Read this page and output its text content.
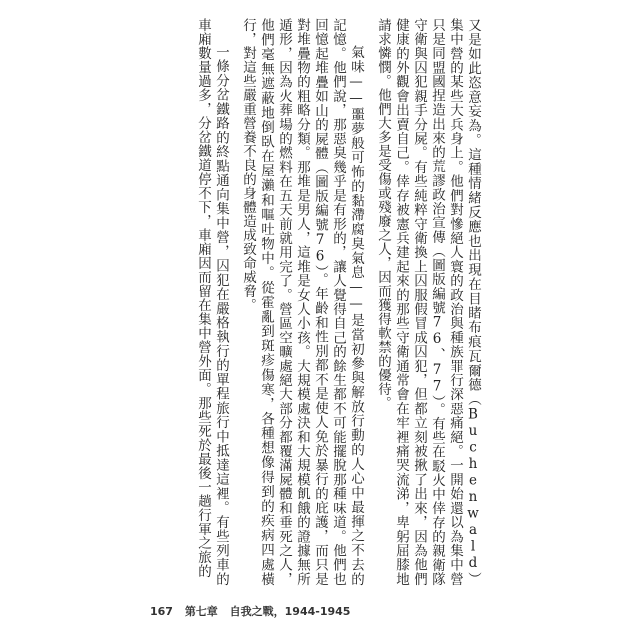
又是如此恣意妄為。這種情緒反應也出現在目睹布痕瓦爾德（Buchenwald）集中營的某些大兵身上。他們對慘絕人寰的政治與種族罪行深惡痛絕。一開始還以為集中營只是同盟國捏造出來的荒謬政治宣傳（圖版編號76、77）。有些在駁火中倖存的親衛隊守衛與囚犯親手分屍。有些純粹守衛換上囚服假冒成囚犯，但都立刻被揪了出來，因為他們健康的外觀會出賣自己。倖存被憲兵建起來的那些守衛通常會在牢裡痛哭流涕，卑躬屈膝地請求憐憫。他們大多是受傷或殘廢之人，因而獲得軟禁的優待。

氣味——噩夢般可怖的黏滯腐臭氣息——是當初參與解放行動的人心中最揮之不去的記憶。他們說，那惡臭幾乎是有形的，讓人覺得自己的餘生都不可能擺脫那種味道。他們也回憶起堆疊如山的屍體（圖版編號76）。年齡和性別都不是使人免於暴行的庇護，而只是對堆疊物的粗略分類。那堆是男人，這堆是女人小孩。大規模處決和大規模飢餓的證據無所遁形，因為火葬場的燃料在五天前就用完了。營區空曠處絕大部分都覆滿屍體和垂死之人，他們毫無遮蔽地倒臥在屋瀨和嘔吐物中。從霍亂到斑疹傷寒，各種想像得到的疾病四處橫行，對這些嚴重營養不良的身體造成致命威脅。

一條分岔鐵路的終點通向集中營，囚犯在嚴格執行的單程旅行中抵達這裡。有些列車的車廂數量過多，分岔鐵道停不下，車廂因而留在集中營外面。那些死於最後一趟行軍之旅的

167 第七章 自我之戰，1944-1945
